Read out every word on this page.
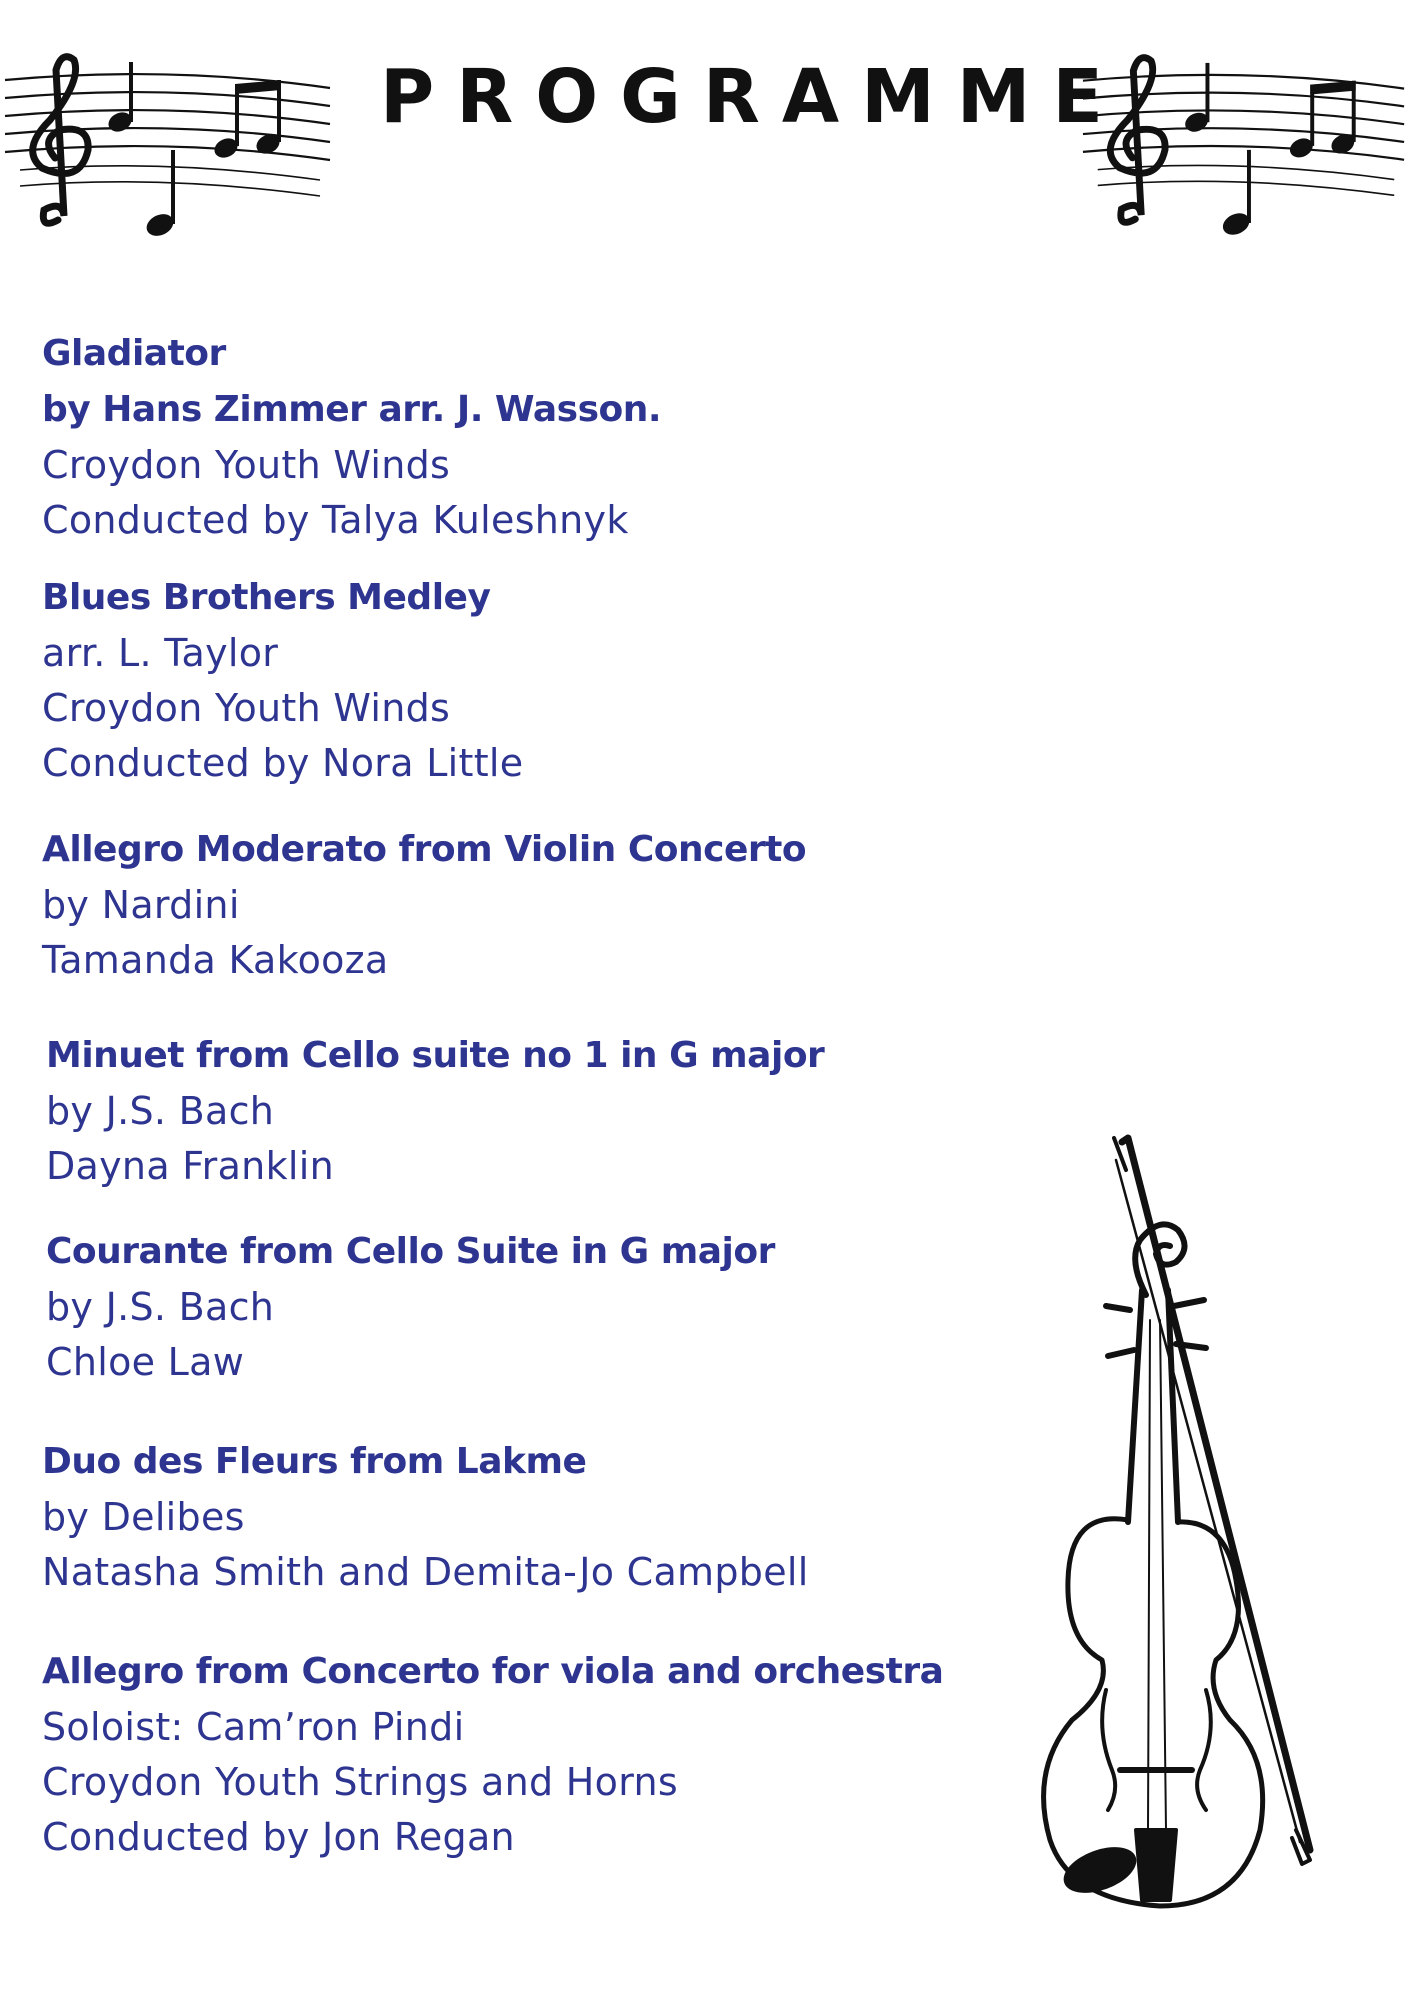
PROGRAMME
Gladiator
by Hans Zimmer arr. J. Wasson.
Croydon Youth Winds
Conducted by Talya Kuleshnyk
Blues Brothers Medley
arr. L. Taylor
Croydon Youth Winds
Conducted by Nora Little
Allegro Moderato from Violin Concerto
by Nardini
Tamanda Kakooza
Minuet from Cello suite no 1 in G major
by J.S. Bach
Dayna Franklin
Courante from Cello Suite in G major
by J.S. Bach
Chloe Law
Duo des Fleurs from Lakme
by Delibes
Natasha Smith and Demita-Jo Campbell
Allegro from Concerto for viola and orchestra
Soloist: Cam’ron Pindi
Croydon Youth Strings and Horns
Conducted by Jon Regan
